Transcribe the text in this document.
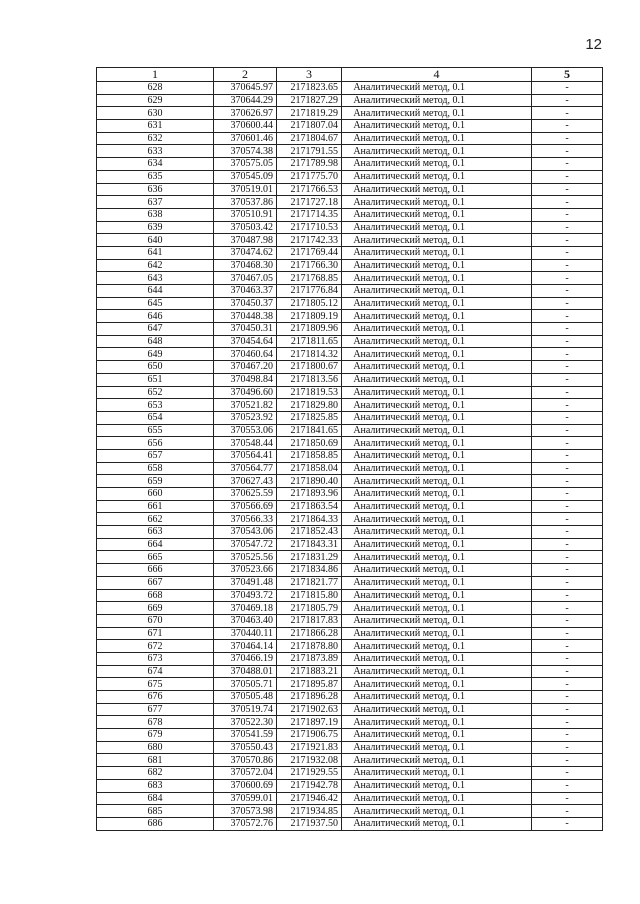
12
1	2	3	4	5
628	370645.97	2171823.65	Аналитический метод, 0.1	-
629	370644.29	2171827.29	Аналитический метод, 0.1	-
630	370626.97	2171819.29	Аналитический метод, 0.1	-
631	370600.44	2171807.04	Аналитический метод, 0.1	-
632	370601.46	2171804.67	Аналитический метод, 0.1	-
633	370574.38	2171791.55	Аналитический метод, 0.1	-
634	370575.05	2171789.98	Аналитический метод, 0.1	-
635	370545.09	2171775.70	Аналитический метод, 0.1	-
636	370519.01	2171766.53	Аналитический метод, 0.1	-
637	370537.86	2171727.18	Аналитический метод, 0.1	-
638	370510.91	2171714.35	Аналитический метод, 0.1	-
639	370503.42	2171710.53	Аналитический метод, 0.1	-
640	370487.98	2171742.33	Аналитический метод, 0.1	-
641	370474.62	2171769.44	Аналитический метод, 0.1	-
642	370468.30	2171766.30	Аналитический метод, 0.1	-
643	370467.05	2171768.85	Аналитический метод, 0.1	-
644	370463.37	2171776.84	Аналитический метод, 0.1	-
645	370450.37	2171805.12	Аналитический метод, 0.1	-
646	370448.38	2171809.19	Аналитический метод, 0.1	-
647	370450.31	2171809.96	Аналитический метод, 0.1	-
648	370454.64	2171811.65	Аналитический метод, 0.1	-
649	370460.64	2171814.32	Аналитический метод, 0.1	-
650	370467.20	2171800.67	Аналитический метод, 0.1	-
651	370498.84	2171813.56	Аналитический метод, 0.1	-
652	370496.60	2171819.53	Аналитический метод, 0.1	-
653	370521.82	2171829.80	Аналитический метод, 0.1	-
654	370523.92	2171825.85	Аналитический метод, 0.1	-
655	370553.06	2171841.65	Аналитический метод, 0.1	-
656	370548.44	2171850.69	Аналитический метод, 0.1	-
657	370564.41	2171858.85	Аналитический метод, 0.1	-
658	370564.77	2171858.04	Аналитический метод, 0.1	-
659	370627.43	2171890.40	Аналитический метод, 0.1	-
660	370625.59	2171893.96	Аналитический метод, 0.1	-
661	370566.69	2171863.54	Аналитический метод, 0.1	-
662	370566.33	2171864.33	Аналитический метод, 0.1	-
663	370543.06	2171852.43	Аналитический метод, 0.1	-
664	370547.72	2171843.31	Аналитический метод, 0.1	-
665	370525.56	2171831.29	Аналитический метод, 0.1	-
666	370523.66	2171834.86	Аналитический метод, 0.1	-
667	370491.48	2171821.77	Аналитический метод, 0.1	-
668	370493.72	2171815.80	Аналитический метод, 0.1	-
669	370469.18	2171805.79	Аналитический метод, 0.1	-
670	370463.40	2171817.83	Аналитический метод, 0.1	-
671	370440.11	2171866.28	Аналитический метод, 0.1	-
672	370464.14	2171878.80	Аналитический метод, 0.1	-
673	370466.19	2171873.89	Аналитический метод, 0.1	-
674	370488.01	2171883.21	Аналитический метод, 0.1	-
675	370505.71	2171895.87	Аналитический метод, 0.1	-
676	370505.48	2171896.28	Аналитический метод, 0.1	-
677	370519.74	2171902.63	Аналитический метод, 0.1	-
678	370522.30	2171897.19	Аналитический метод, 0.1	-
679	370541.59	2171906.75	Аналитический метод, 0.1	-
680	370550.43	2171921.83	Аналитический метод, 0.1	-
681	370570.86	2171932.08	Аналитический метод, 0.1	-
682	370572.04	2171929.55	Аналитический метод, 0.1	-
683	370600.69	2171942.78	Аналитический метод, 0.1	-
684	370599.01	2171946.42	Аналитический метод, 0.1	-
685	370573.98	2171934.85	Аналитический метод, 0.1	-
686	370572.76	2171937.50	Аналитический метод, 0.1	-
